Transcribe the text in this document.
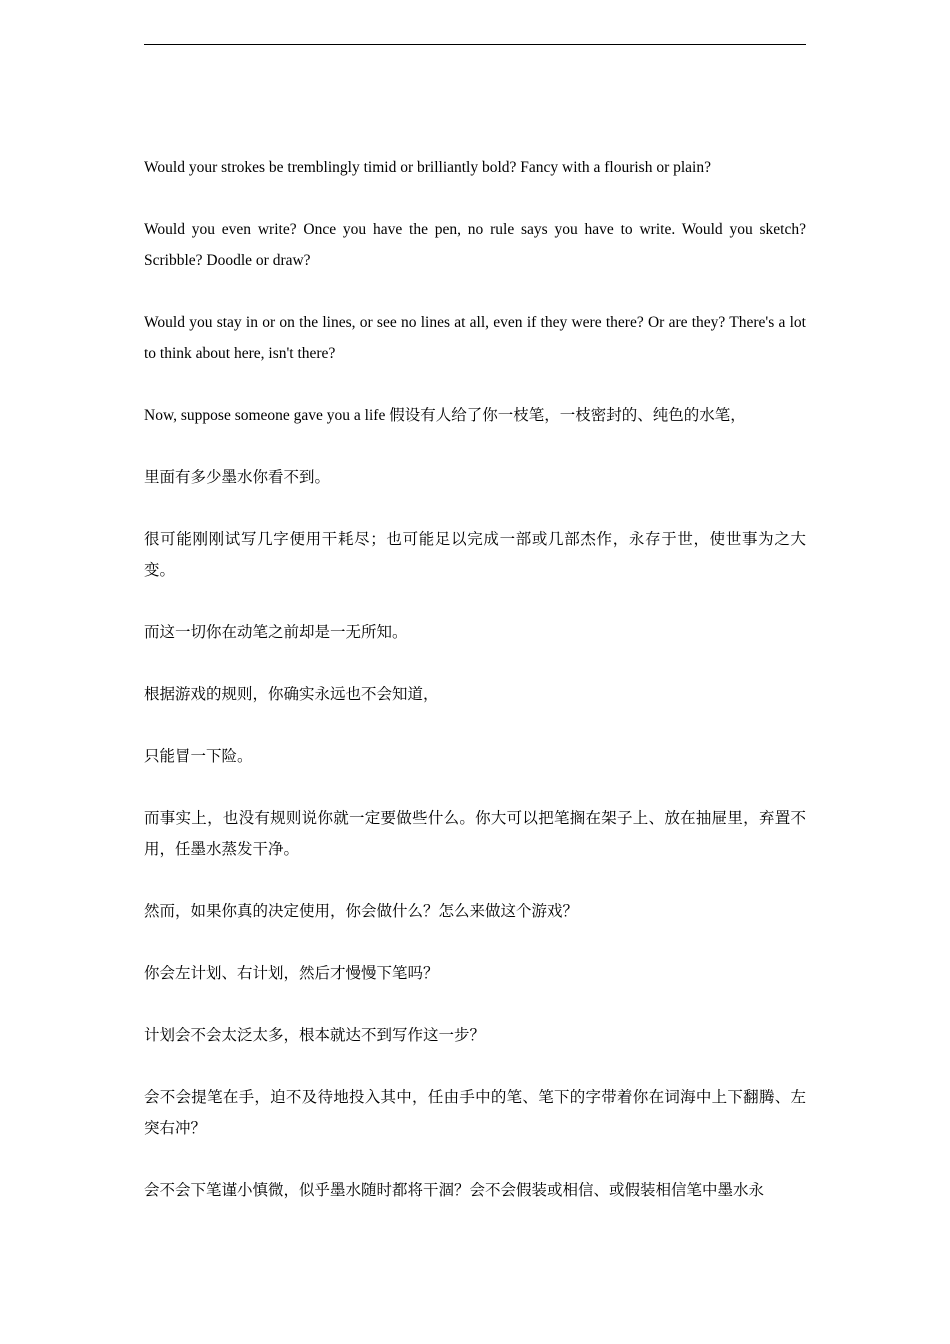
Would your strokes be tremblingly timid or brilliantly bold? Fancy with a flourish or plain?

Would you even write? Once you have the pen, no rule says you have to write. Would you sketch? Scribble? Doodle or draw?

Would you stay in or on the lines, or see no lines at all, even if they were there? Or are they? There's a lot to think about here, isn't there?

Now, suppose someone gave you a life 假设有人给了你一枝笔，一枝密封的、纯色的水笔，

里面有多少墨水你看不到。

很可能刚刚试写几字便用干耗尽；也可能足以完成一部或几部杰作，永存于世，使世事为之大变。

而这一切你在动笔之前却是一无所知。

根据游戏的规则，你确实永远也不会知道，

只能冒一下险。

而事实上，也没有规则说你就一定要做些什么。你大可以把笔搁在架子上、放在抽屉里，弃置不用，任墨水蒸发干净。

然而，如果你真的决定使用，你会做什么？怎么来做这个游戏？

你会左计划、右计划，然后才慢慢下笔吗？

计划会不会太泛太多，根本就达不到写作这一步？

会不会提笔在手，迫不及待地投入其中，任由手中的笔、笔下的字带着你在词海中上下翻腾、左突右冲？

会不会下笔谨小慎微，似乎墨水随时都将干涸？会不会假装或相信、或假装相信笔中墨水永
